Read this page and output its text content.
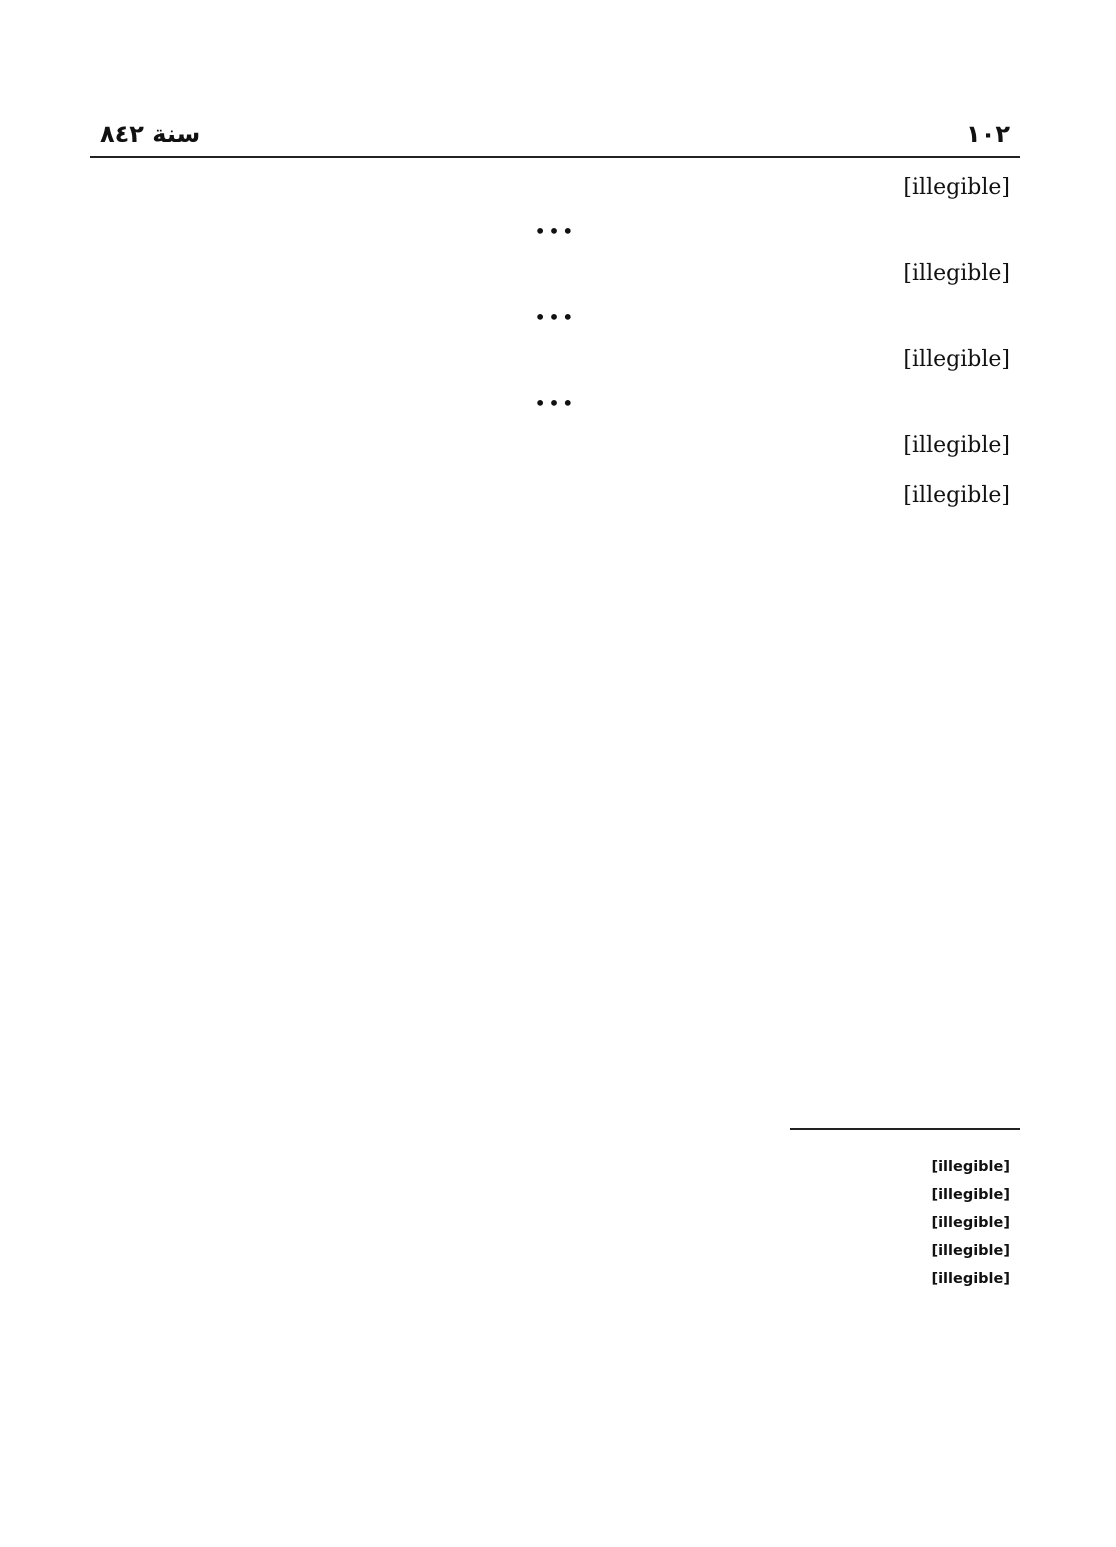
١٠٢
سنة ٨٤٢

[illegible]

•••

[illegible]

•••

[illegible]

•••

[illegible]

[illegible]

[illegible]

[illegible]

[illegible]

[illegible]

[illegible]
